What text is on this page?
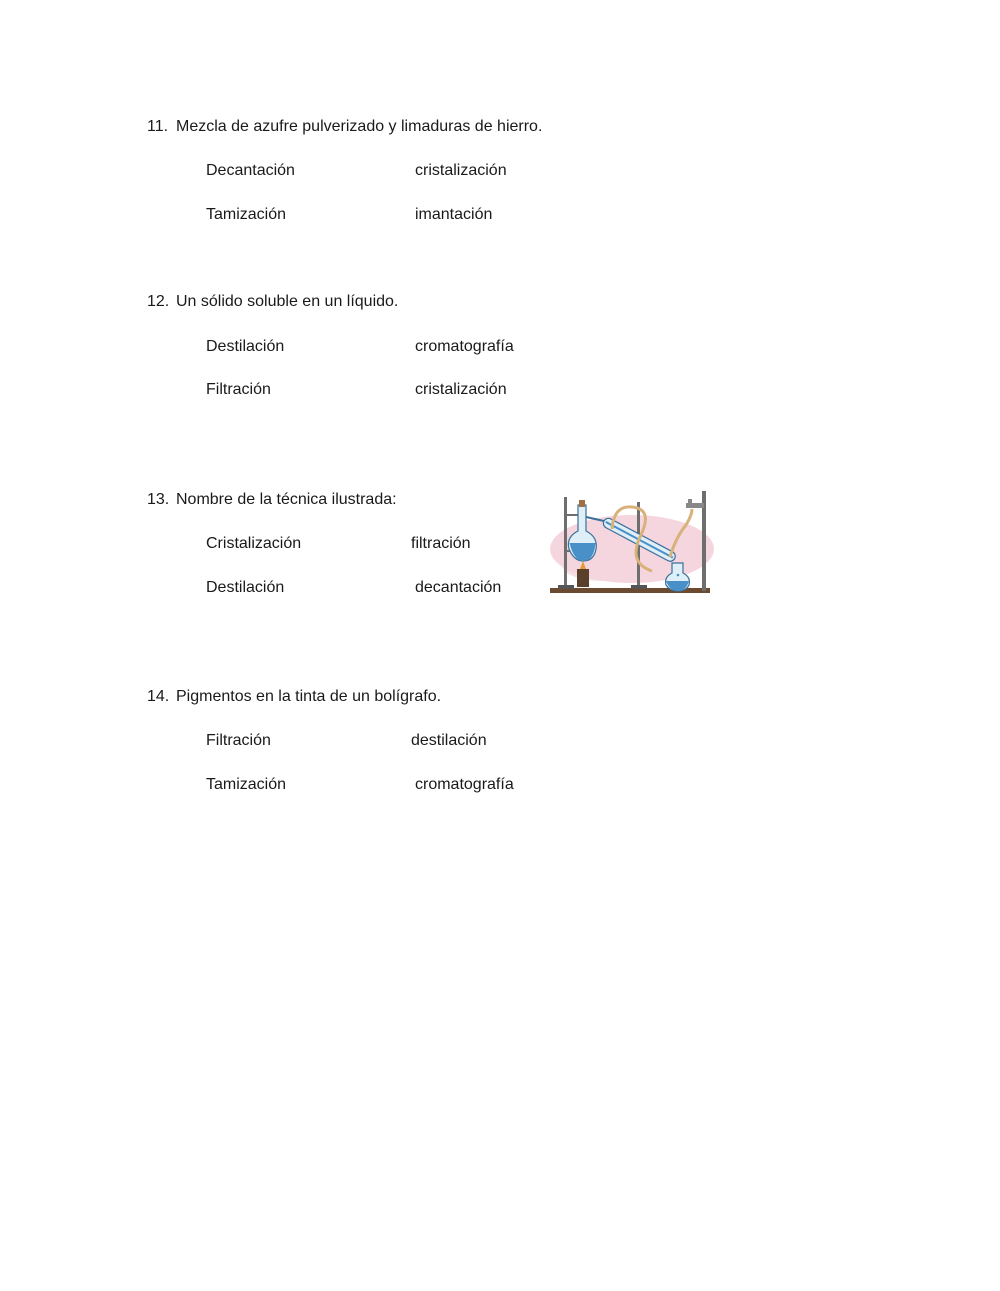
11. Mezcla de azufre pulverizado y limaduras de hierro.
Decantación	cristalización
Tamización	imantación
12. Un sólido soluble en un líquido.
Destilación	cromatografía
Filtración	cristalización
13. Nombre de la técnica ilustrada:
Cristalización	filtración
Destilación	decantación
14. Pigmentos en la tinta de un bolígrafo.
Filtración	destilación
Tamización	cromatografía
